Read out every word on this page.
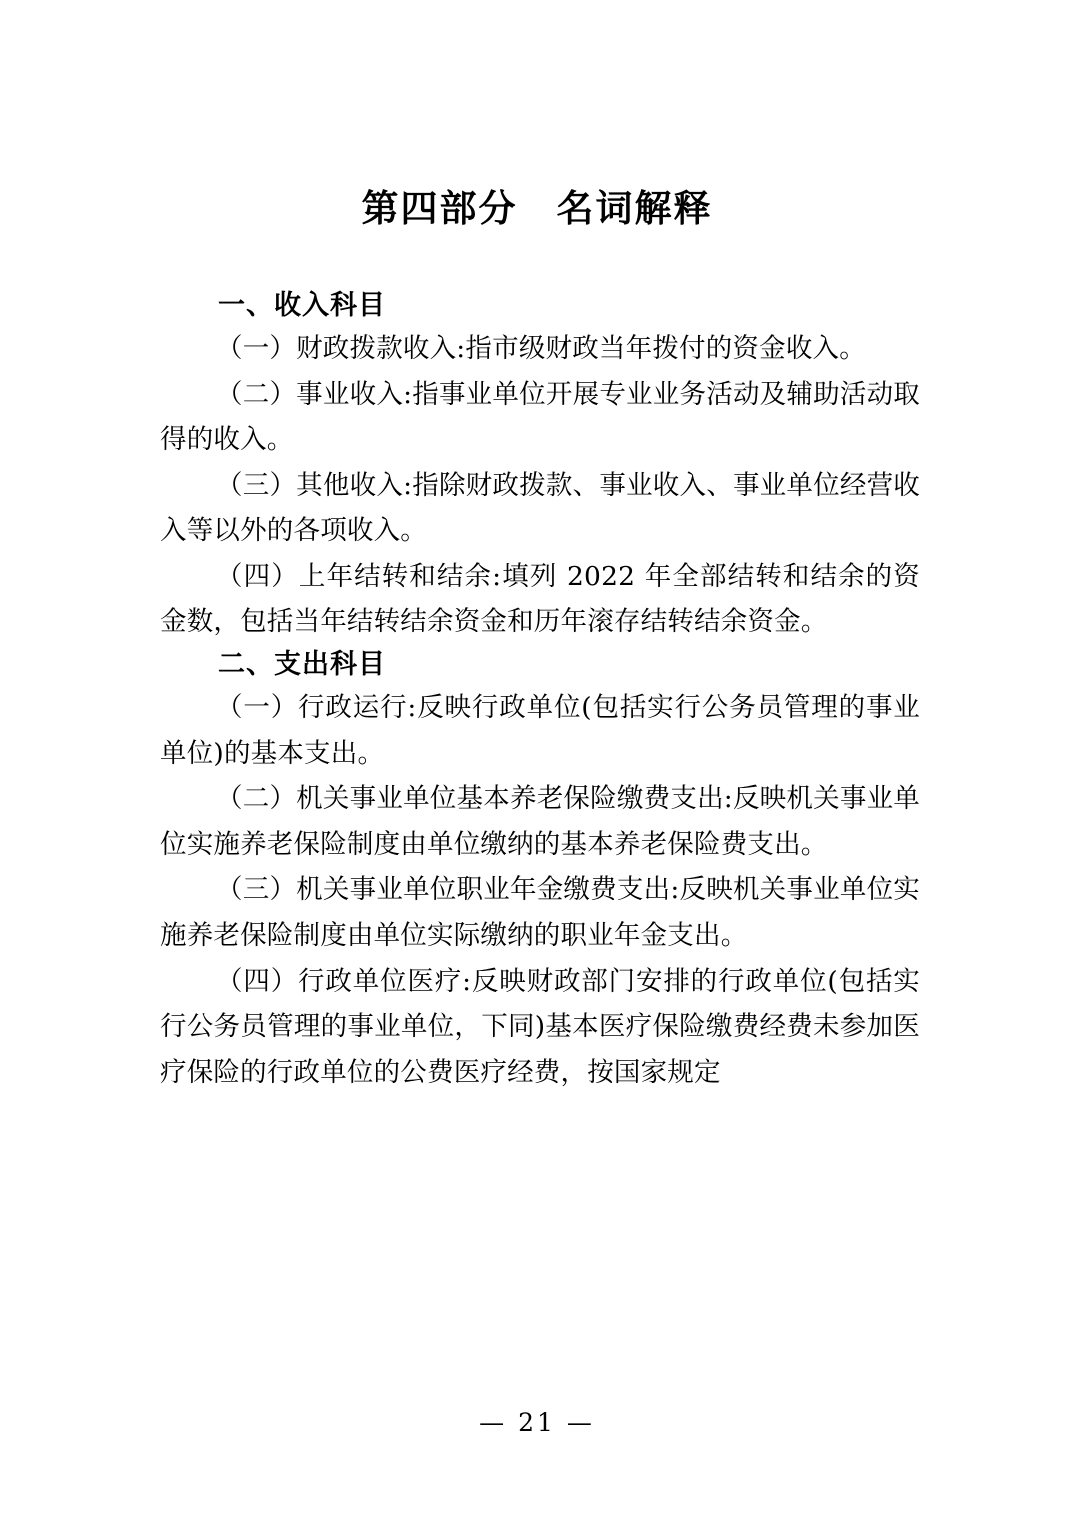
第四部分　名词解释
一、收入科目

（一）财政拨款收入:指市级财政当年拨付的资金收入。

（二）事业收入:指事业单位开展专业业务活动及辅助活动取得的收入。

（三）其他收入:指除财政拨款、事业收入、事业单位经营收入等以外的各项收入。

（四）上年结转和结余:填列 2022 年全部结转和结余的资金数，包括当年结转结余资金和历年滚存结转结余资金。

二、支出科目

（一）行政运行:反映行政单位(包括实行公务员管理的事业单位)的基本支出。

（二）机关事业单位基本养老保险缴费支出:反映机关事业单位实施养老保险制度由单位缴纳的基本养老保险费支出。

（三）机关事业单位职业年金缴费支出:反映机关事业单位实施养老保险制度由单位实际缴纳的职业年金支出。

（四）行政单位医疗:反映财政部门安排的行政单位(包括实行公务员管理的事业单位，下同)基本医疗保险缴费经费未参加医疗保险的行政单位的公费医疗经费，按国家规定

— 21 —
